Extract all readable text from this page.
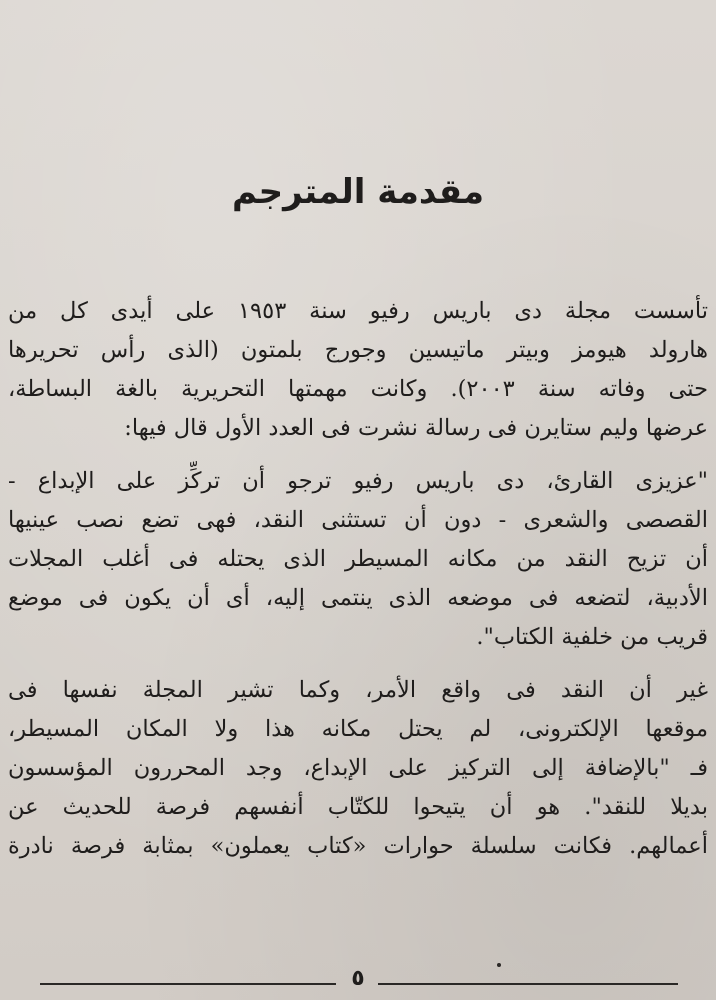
مقدمة المترجم
تأسست مجلة دى باريس رفيو سنة ١٩٥٣ على أيدى كل من
هارولد هيومز وبيتر ماتيسين وجورج بلمتون (الذى رأس تحريرها
حتى وفاته سنة ٢٠٠٣). وكانت مهمتها التحريرية بالغة البساطة،
عرضها وليم ستايرن فى رسالة نشرت فى العدد الأول قال فيها:
"عزيزى القارئ، دى باريس رفيو ترجو أن تركِّز على الإبداع -
القصصى والشعرى - دون أن تستثنى النقد، فهى تضع نصب عينيها
أن تزيح النقد من مكانه المسيطر الذى يحتله فى أغلب المجلات
الأدبية، لتضعه فى موضعه الذى ينتمى إليه، أى أن يكون فى موضع
قريب من خلفية الكتاب".
غير أن النقد فى واقع الأمر، وكما تشير المجلة نفسها فى
موقعها الإلكترونى، لم يحتل مكانه هذا ولا المكان المسيطر،
فـ "بالإضافة إلى التركيز على الإبداع، وجد المحررون المؤسسون
بديلا للنقد". هو أن يتيحوا للكتّاب أنفسهم فرصة للحديث عن
أعمالهم. فكانت سلسلة حوارات «كتاب يعملون» بمثابة فرصة نادرة
٥
